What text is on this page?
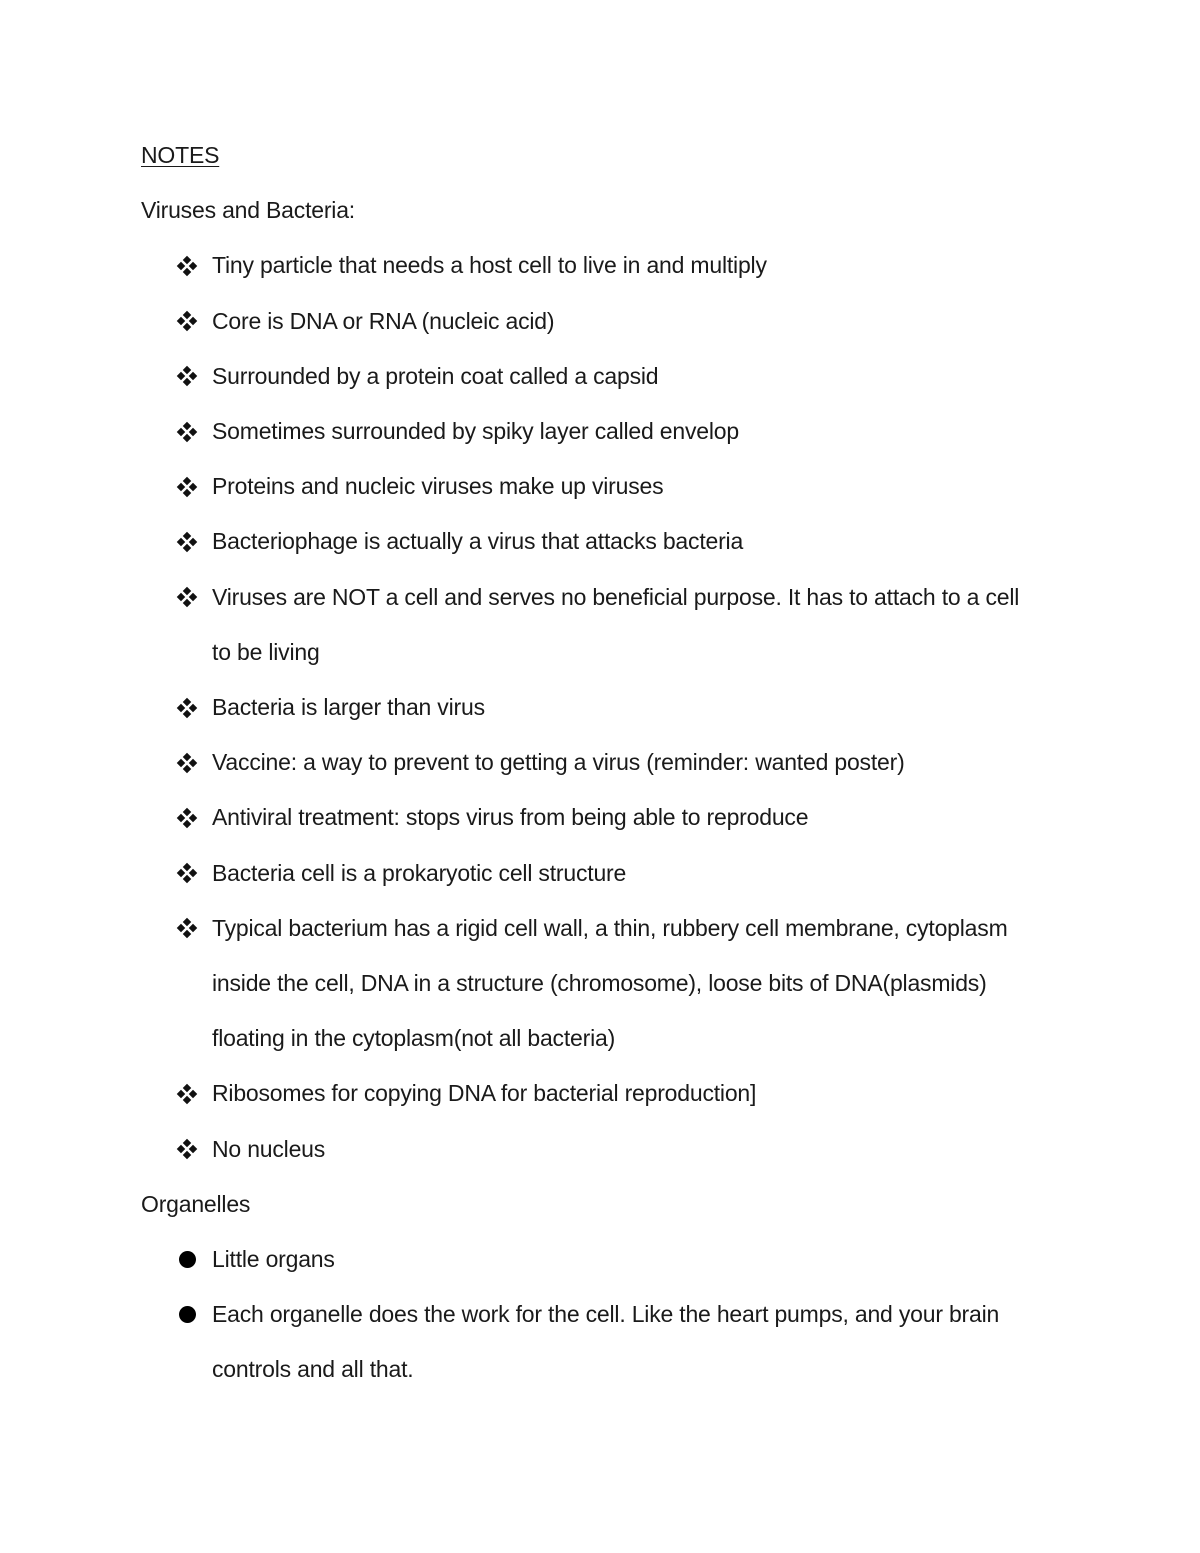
NOTES

Viruses and Bacteria:

Tiny particle that needs a host cell to live in and multiply
Core is DNA or RNA (nucleic acid)
Surrounded by a protein coat called a capsid
Sometimes surrounded by spiky layer called envelop
Proteins and nucleic viruses make up viruses
Bacteriophage is actually a virus that attacks bacteria
Viruses are NOT a cell and serves no beneficial purpose. It has to attach to a cell to be living
Bacteria is larger than virus
Vaccine: a way to prevent to getting a virus (reminder: wanted poster)
Antiviral treatment: stops virus from being able to reproduce
Bacteria cell is a prokaryotic cell structure
Typical bacterium has a rigid cell wall, a thin, rubbery cell membrane, cytoplasm inside the cell, DNA in a structure (chromosome), loose bits of DNA(plasmids) floating in the cytoplasm(not all bacteria)
Ribosomes for copying DNA for bacterial reproduction]
No nucleus

Organelles

Little organs
Each organelle does the work for the cell. Like the heart pumps, and your brain controls and all that.
